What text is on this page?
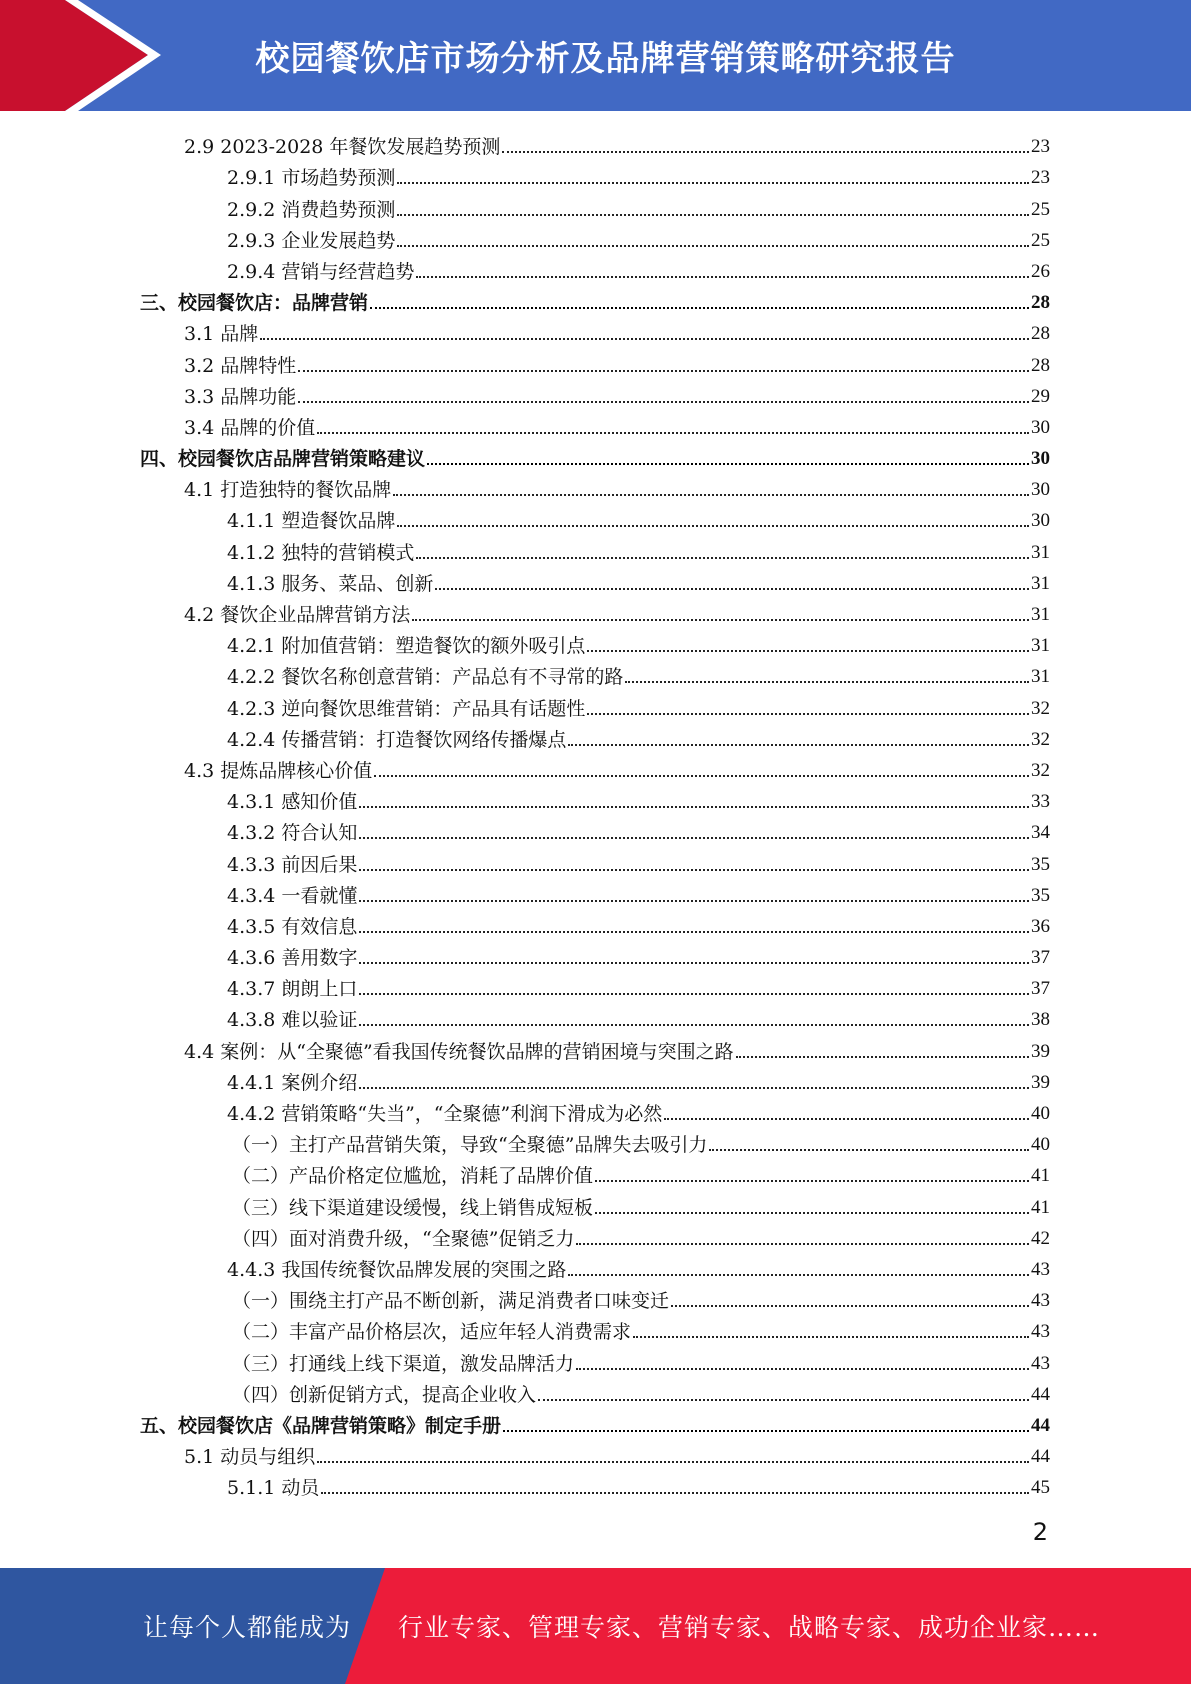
校园餐饮店市场分析及品牌营销策略研究报告
2.9 2023-2028 年餐饮发展趋势预测	23
2.9.1 市场趋势预测	23
2.9.2 消费趋势预测	25
2.9.3 企业发展趋势	25
2.9.4 营销与经营趋势	26
三、校园餐饮店：品牌营销	28
3.1 品牌	28
3.2 品牌特性	28
3.3 品牌功能	29
3.4 品牌的价值	30
四、校园餐饮店品牌营销策略建议	30
4.1 打造独特的餐饮品牌	30
4.1.1 塑造餐饮品牌	30
4.1.2 独特的营销模式	31
4.1.3 服务、菜品、创新	31
4.2 餐饮企业品牌营销方法	31
4.2.1 附加值营销：塑造餐饮的额外吸引点	31
4.2.2 餐饮名称创意营销：产品总有不寻常的路	31
4.2.3 逆向餐饮思维营销：产品具有话题性	32
4.2.4 传播营销：打造餐饮网络传播爆点	32
4.3 提炼品牌核心价值	32
4.3.1 感知价值	33
4.3.2 符合认知	34
4.3.3 前因后果	35
4.3.4 一看就懂	35
4.3.5 有效信息	36
4.3.6 善用数字	37
4.3.7 朗朗上口	37
4.3.8 难以验证	38
4.4 案例：从“全聚德”看我国传统餐饮品牌的营销困境与突围之路	39
4.4.1 案例介绍	39
4.4.2 营销策略“失当”，“全聚德”利润下滑成为必然	40
（一）主打产品营销失策，导致“全聚德”品牌失去吸引力	40
（二）产品价格定位尴尬，消耗了品牌价值	41
（三）线下渠道建设缓慢，线上销售成短板	41
（四）面对消费升级，“全聚德”促销乏力	42
4.4.3 我国传统餐饮品牌发展的突围之路	43
（一）围绕主打产品不断创新，满足消费者口味变迁	43
（二）丰富产品价格层次，适应年轻人消费需求	43
（三）打通线上线下渠道，激发品牌活力	43
（四）创新促销方式，提高企业收入	44
五、校园餐饮店《品牌营销策略》制定手册	44
5.1 动员与组织	44
5.1.1 动员	45
2
让每个人都能成为 行业专家、管理专家、营销专家、战略专家、成功企业家……
